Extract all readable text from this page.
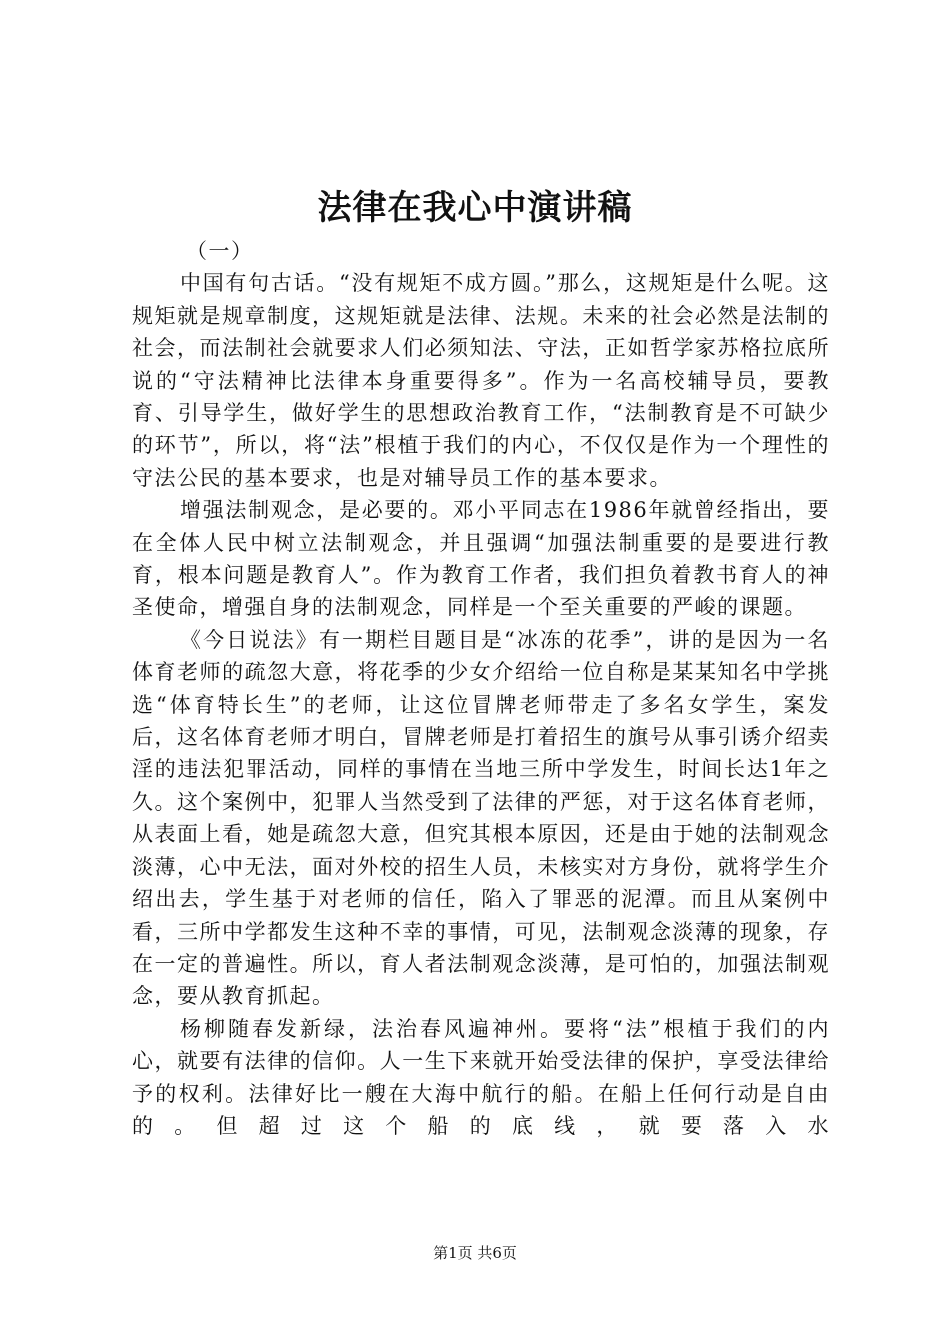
法律在我心中演讲稿

（一）

中国有句古话。“没有规矩不成方圆。”那么，这规矩是什么呢。这规矩就是规章制度，这规矩就是法律、法规。未来的社会必然是法制的社会，而法制社会就要求人们必须知法、守法，正如哲学家苏格拉底所说的“守法精神比法律本身重要得多”。作为一名高校辅导员，要教育、引导学生，做好学生的思想政治教育工作，“法制教育是不可缺少的环节”，所以，将“法”根植于我们的内心，不仅仅是作为一个理性的守法公民的基本要求，也是对辅导员工作的基本要求。

增强法制观念，是必要的。邓小平同志在1986年就曾经指出，要在全体人民中树立法制观念，并且强调“加强法制重要的是要进行教育，根本问题是教育人”。作为教育工作者，我们担负着教书育人的神圣使命，增强自身的法制观念，同样是一个至关重要的严峻的课题。

《今日说法》有一期栏目题目是“冰冻的花季”，讲的是因为一名体育老师的疏忽大意，将花季的少女介绍给一位自称是某某知名中学挑选“体育特长生”的老师，让这位冒牌老师带走了多名女学生，案发后，这名体育老师才明白，冒牌老师是打着招生的旗号从事引诱介绍卖淫的违法犯罪活动，同样的事情在当地三所中学发生，时间长达1年之久。这个案例中，犯罪人当然受到了法律的严惩，对于这名体育老师，从表面上看，她是疏忽大意，但究其根本原因，还是由于她的法制观念淡薄，心中无法，面对外校的招生人员，未核实对方身份，就将学生介绍出去，学生基于对老师的信任，陷入了罪恶的泥潭。而且从案例中看，三所中学都发生这种不幸的事情，可见，法制观念淡薄的现象，存在一定的普遍性。所以，育人者法制观念淡薄，是可怕的，加强法制观念，要从教育抓起。

杨柳随春发新绿，法治春风遍神州。要将“法”根植于我们的内心，就要有法律的信仰。人一生下来就开始受法律的保护，享受法律给予的权利。法律好比一艘在大海中航行的船。在船上任何行动是自由的。但超过这个船的底线，就要落入水

第1页 共6页
